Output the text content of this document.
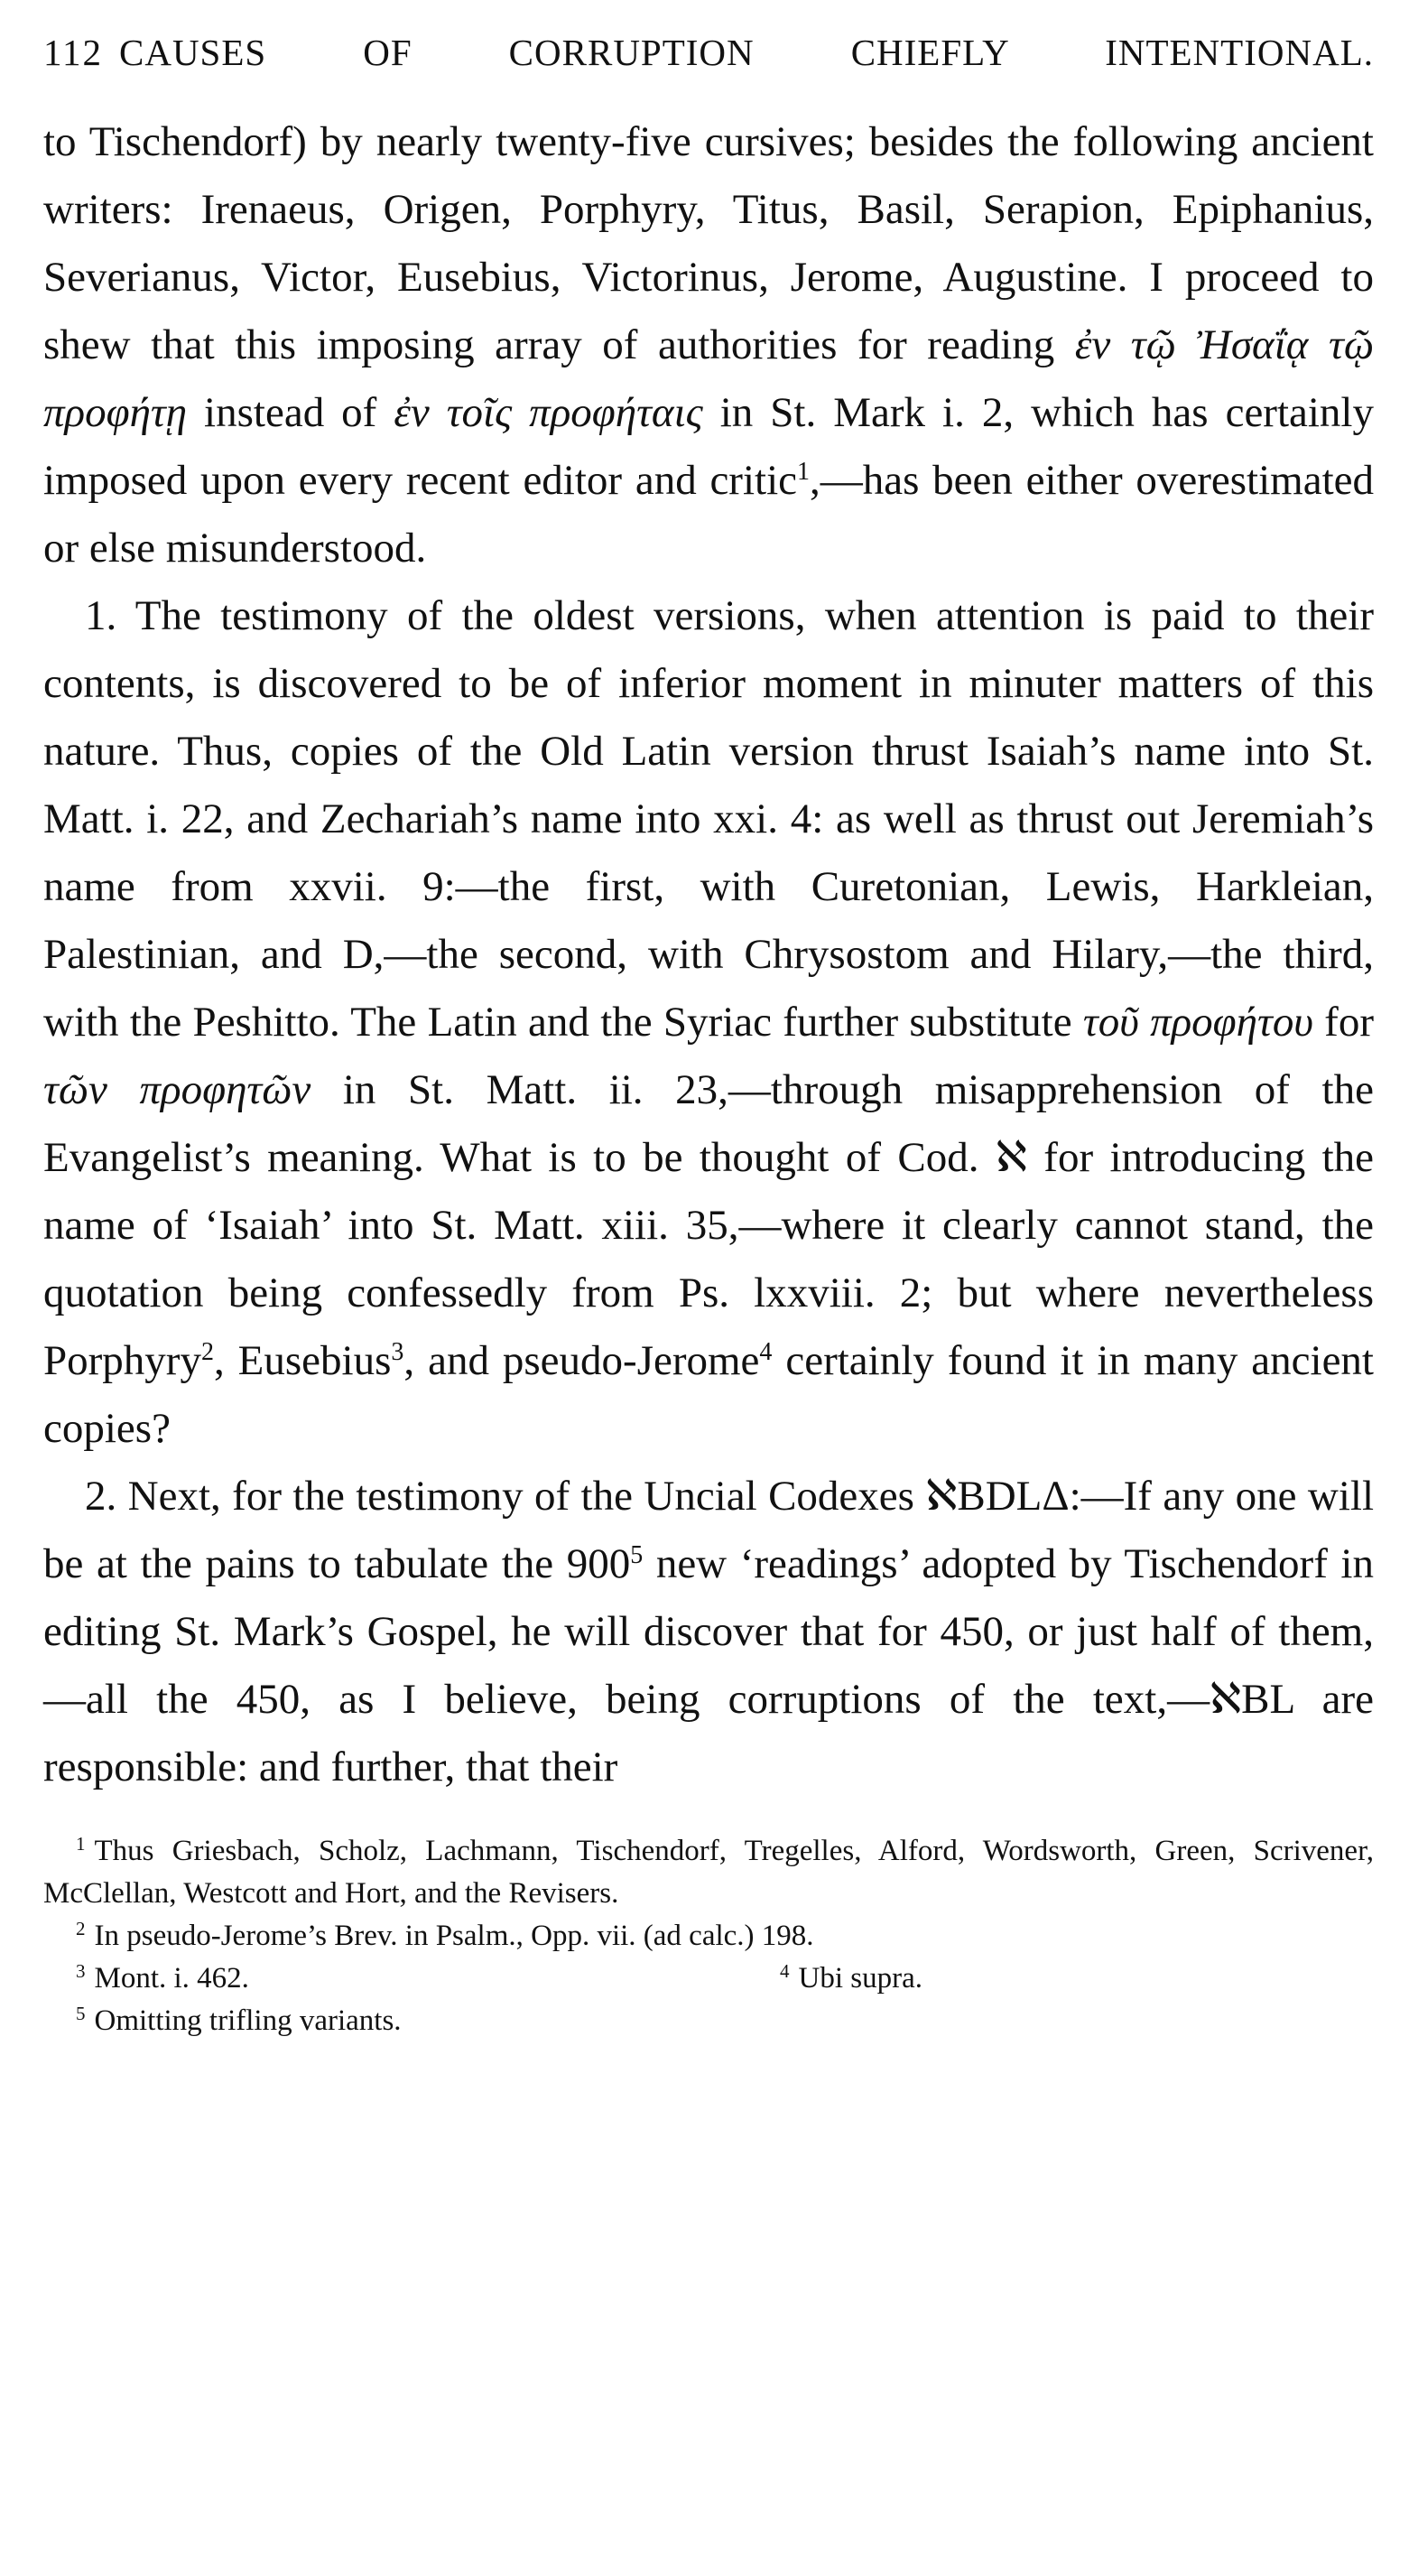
112 CAUSES OF CORRUPTION CHIEFLY INTENTIONAL.

to Tischendorf) by nearly twenty-five cursives; besides the following ancient writers: Irenaeus, Origen, Porphyry, Titus, Basil, Serapion, Epiphanius, Severianus, Victor, Eusebius, Victorinus, Jerome, Augustine. I proceed to shew that this imposing array of authorities for reading ἐν τῷ Ἠσαΐᾳ τῷ προφήτῃ instead of ἐν τοῖς προφήταις in St. Mark i. 2, which has certainly imposed upon every recent editor and critic$^1$,—has been either overestimated or else misunderstood.

1. The testimony of the oldest versions, when attention is paid to their contents, is discovered to be of inferior moment in minuter matters of this nature. Thus, copies of the Old Latin version thrust Isaiah’s name into St. Matt. i. 22, and Zechariah’s name into xxi. 4: as well as thrust out Jeremiah’s name from xxvii. 9:—the first, with Curetonian, Lewis, Harkleian, Palestinian, and D,—the second, with Chrysostom and Hilary,—the third, with the Peshitto. The Latin and the Syriac further substitute τοῦ προφήτου for τῶν προφητῶν in St. Matt. ii. 23,—through misapprehension of the Evangelist’s meaning. What is to be thought of Cod. ℵ for introducing the name of ‘Isaiah’ into St. Matt. xiii. 35,—where it clearly cannot stand, the quotation being confessedly from Ps. lxxviii. 2; but where nevertheless Porphyry$^2$, Eusebius$^3$, and pseudo-Jerome$^4$ certainly found it in many ancient copies?

2. Next, for the testimony of the Uncial Codexes ℵBDLΔ:—If any one will be at the pains to tabulate the 900$^5$ new ‘readings’ adopted by Tischendorf in editing St. Mark’s Gospel, he will discover that for 450, or just half of them,—all the 450, as I believe, being corruptions of the text,—ℵBL are responsible: and further, that their

$^1$ Thus Griesbach, Scholz, Lachmann, Tischendorf, Tregelles, Alford, Wordsworth, Green, Scrivener, McClellan, Westcott and Hort, and the Revisers.
$^2$ In pseudo-Jerome’s Brev. in Psalm., Opp. vii. (ad calc.) 198.
$^3$ Mont. i. 462.	$^4$ Ubi supra.
$^5$ Omitting trifling variants.
